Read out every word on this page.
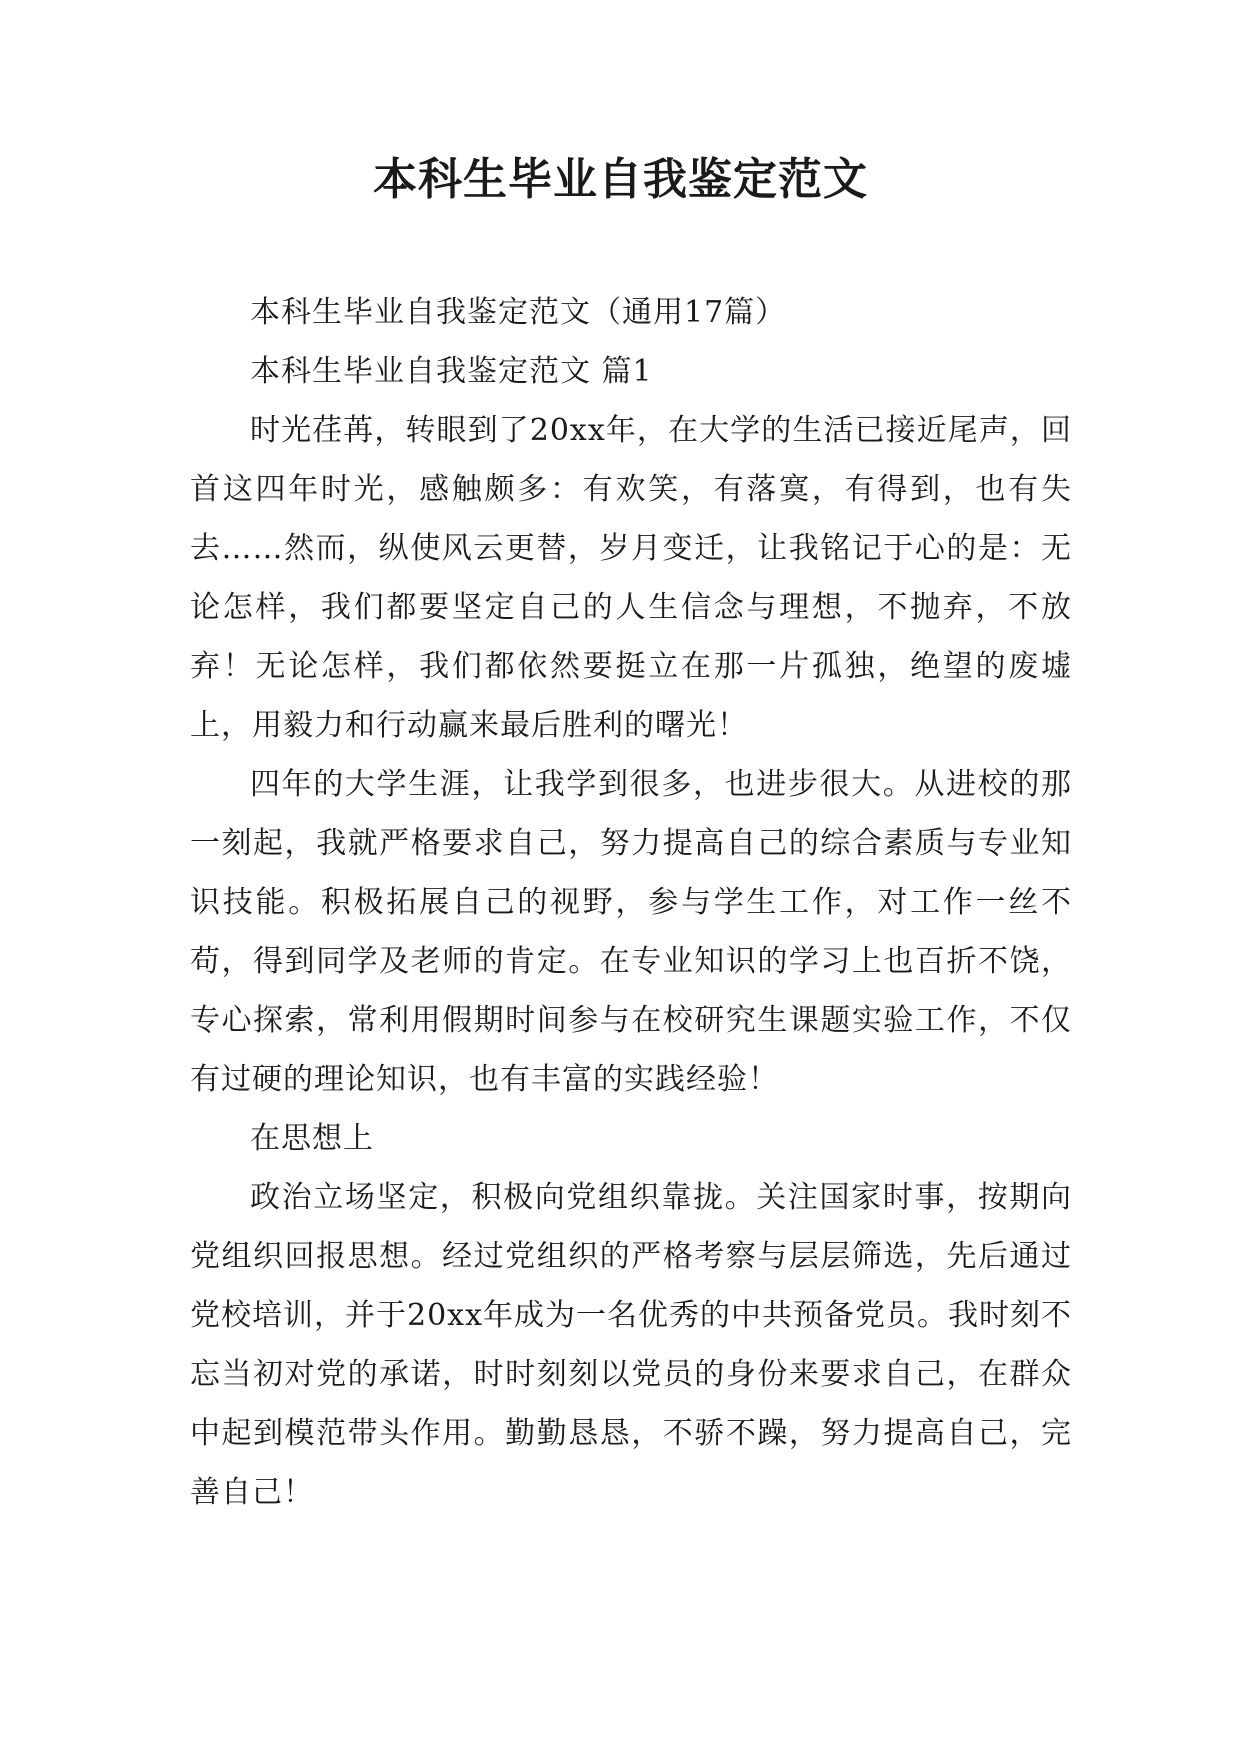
本科生毕业自我鉴定范文

本科生毕业自我鉴定范文（通用17篇）

本科生毕业自我鉴定范文 篇1

时光荏苒，转眼到了20xx年，在大学的生活已接近尾声，回首这四年时光，感触颇多：有欢笑，有落寞，有得到，也有失去……然而，纵使风云更替，岁月变迁，让我铭记于心的是：无论怎样，我们都要坚定自己的人生信念与理想，不抛弃，不放弃！无论怎样，我们都依然要挺立在那一片孤独，绝望的废墟上，用毅力和行动赢来最后胜利的曙光！

四年的大学生涯，让我学到很多，也进步很大。从进校的那一刻起，我就严格要求自己，努力提高自己的综合素质与专业知识技能。积极拓展自己的视野，参与学生工作，对工作一丝不苟，得到同学及老师的肯定。在专业知识的学习上也百折不饶，专心探索，常利用假期时间参与在校研究生课题实验工作，不仅有过硬的理论知识，也有丰富的实践经验！

在思想上

政治立场坚定，积极向党组织靠拢。关注国家时事，按期向党组织回报思想。经过党组织的严格考察与层层筛选，先后通过党校培训，并于20xx年成为一名优秀的中共预备党员。我时刻不忘当初对党的承诺，时时刻刻以党员的身份来要求自己，在群众中起到模范带头作用。勤勤恳恳，不骄不躁，努力提高自己，完善自己！
